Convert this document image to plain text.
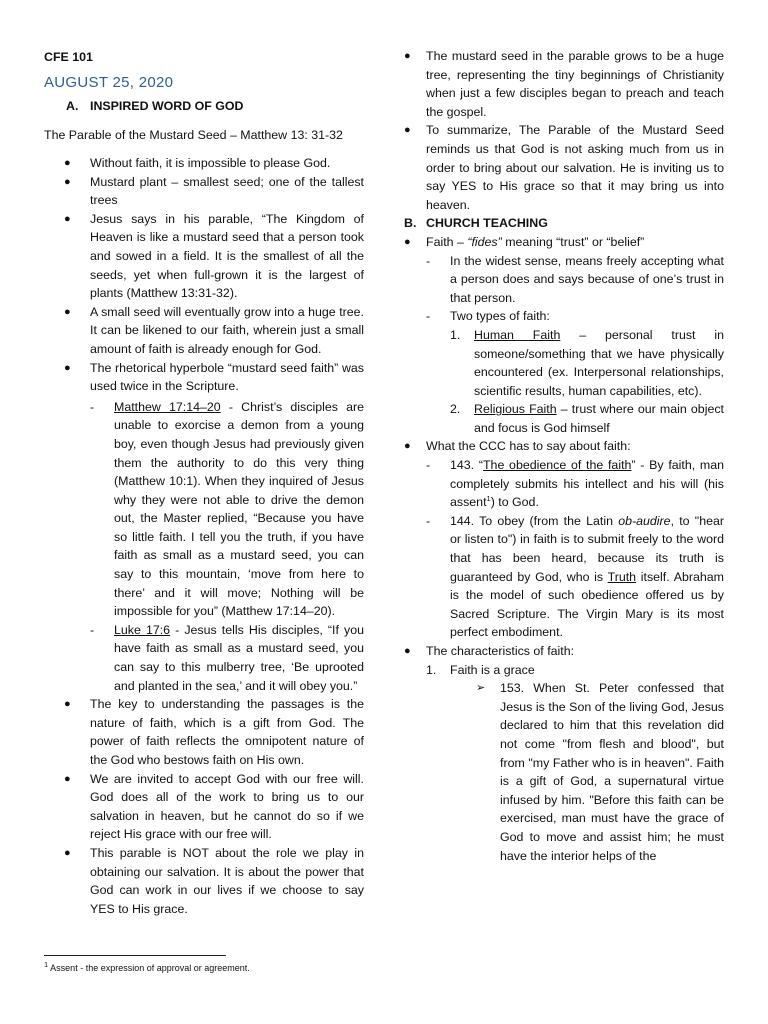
CFE 101
AUGUST 25, 2020
A. INSPIRED WORD OF GOD
The Parable of the Mustard Seed – Matthew 13: 31-32
● Without faith, it is impossible to please God.
● Mustard plant – smallest seed; one of the tallest trees
● Jesus says in his parable, “The Kingdom of Heaven is like a mustard seed that a person took and sowed in a field. It is the smallest of all the seeds, yet when full-grown it is the largest of plants (Matthew 13:31-32).
● A small seed will eventually grow into a huge tree. It can be likened to our faith, wherein just a small amount of faith is already enough for God.
● The rhetorical hyperbole “mustard seed faith” was used twice in the Scripture.
- Matthew 17:14–20 - Christ’s disciples are unable to exorcise a demon from a young boy, even though Jesus had previously given them the authority to do this very thing (Matthew 10:1). When they inquired of Jesus why they were not able to drive the demon out, the Master replied, “Because you have so little faith. I tell you the truth, if you have faith as small as a mustard seed, you can say to this mountain, ‘move from here to there’ and it will move; Nothing will be impossible for you” (Matthew 17:14–20).
- Luke 17:6 - Jesus tells His disciples, “If you have faith as small as a mustard seed, you can say to this mulberry tree, ‘Be uprooted and planted in the sea,’ and it will obey you.”
● The key to understanding the passages is the nature of faith, which is a gift from God. The power of faith reflects the omnipotent nature of the God who bestows faith on His own.
● We are invited to accept God with our free will. God does all of the work to bring us to our salvation in heaven, but he cannot do so if we reject His grace with our free will.
● This parable is NOT about the role we play in obtaining our salvation. It is about the power that God can work in our lives if we choose to say YES to His grace.
● The mustard seed in the parable grows to be a huge tree, representing the tiny beginnings of Christianity when just a few disciples began to preach and teach the gospel.
● To summarize, The Parable of the Mustard Seed reminds us that God is not asking much from us in order to bring about our salvation. He is inviting us to say YES to His grace so that it may bring us into heaven.
B. CHURCH TEACHING
● Faith – “fides” meaning “trust” or “belief”
- In the widest sense, means freely accepting what a person does and says because of one’s trust in that person.
- Two types of faith:
1. Human Faith – personal trust in someone/something that we have physically encountered (ex. Interpersonal relationships, scientific results, human capabilities, etc).
2. Religious Faith – trust where our main object and focus is God himself
● What the CCC has to say about faith:
- 143. “The obedience of the faith” - By faith, man completely submits his intellect and his will (his assent$^1$) to God.
- 144. To obey (from the Latin ob-audire, to "hear or listen to") in faith is to submit freely to the word that has been heard, because its truth is guaranteed by God, who is Truth itself. Abraham is the model of such obedience offered us by Sacred Scripture. The Virgin Mary is its most perfect embodiment.
● The characteristics of faith:
1. Faith is a grace
➢ 153. When St. Peter confessed that Jesus is the Son of the living God, Jesus declared to him that this revelation did not come "from flesh and blood", but from "my Father who is in heaven". Faith is a gift of God, a supernatural virtue infused by him. "Before this faith can be exercised, man must have the grace of God to move and assist him; he must have the interior helps of the
$^1$ Assent - the expression of approval or agreement.
